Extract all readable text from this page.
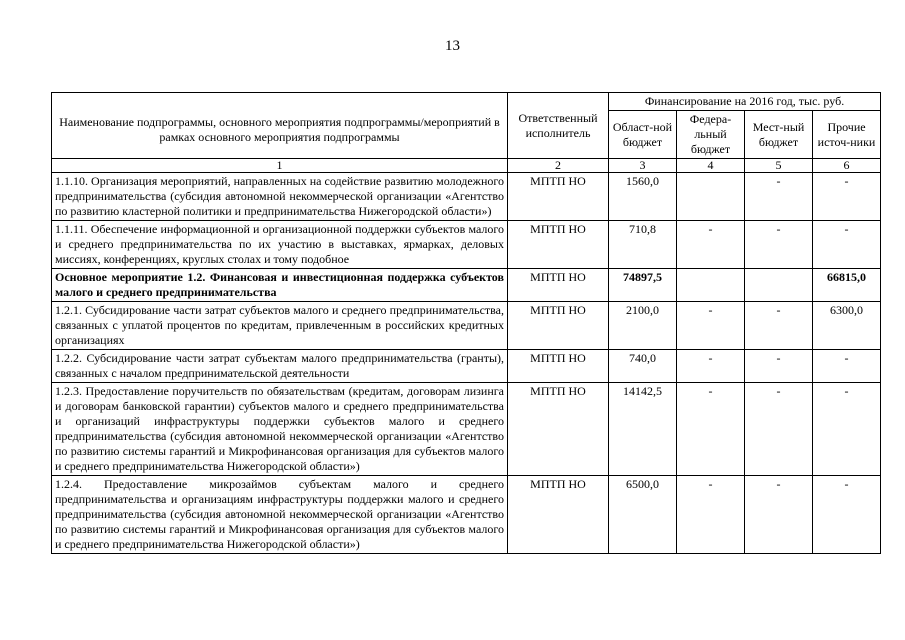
13
Наименование подпрограммы, основного мероприятия подпрограммы/мероприятий в рамках основного мероприятия подпрограммы	Ответственный исполнитель	Финансирование на 2016 год, тыс. руб.			
		Област-ной бюджет	Федера-льный бюджет	Мест-ный бюджет	Прочие источ-ники
1	2	3	4	5	6
1.1.10. Организация мероприятий, направленных на содействие развитию молодежного предпринимательства (субсидия автономной некоммерческой организации «Агентство по развитию кластерной политики и предпринимательства Нижегородской области»)	МПТП НО	1560,0		-	-
1.1.11. Обеспечение информационной и организационной поддержки субъектов малого и среднего предпринимательства по их участию в выставках, ярмарках, деловых миссиях, конференциях, круглых столах и тому подобное	МПТП НО	710,8	-	-	-
Основное мероприятие 1.2. Финансовая и инвестиционная поддержка субъектов малого и среднего предпринимательства	МПТП НО	74897,5			66815,0
1.2.1. Субсидирование части затрат субъектов малого и среднего предпринимательства, связанных с уплатой процентов по кредитам, привлеченным в российских кредитных организациях	МПТП НО	2100,0	-	-	6300,0
1.2.2. Субсидирование части затрат субъектам малого предпринимательства (гранты), связанных с началом предпринимательской деятельности	МПТП НО	740,0	-	-	-
1.2.3. Предоставление поручительств по обязательствам (кредитам, договорам лизинга и договорам банковской гарантии) субъектов малого и среднего предпринимательства и организаций инфраструктуры поддержки субъектов малого и среднего предпринимательства (субсидия автономной некоммерческой организации «Агентство по развитию системы гарантий и Микрофинансовая организация для субъектов малого и среднего предпринимательства Нижегородской области»)	МПТП НО	14142,5	-	-	-
1.2.4. Предоставление микрозаймов субъектам малого и среднего предпринимательства и организациям инфраструктуры поддержки малого и среднего предпринимательства (субсидия автономной некоммерческой организации «Агентство по развитию системы гарантий и Микрофинансовая организация для субъектов малого и среднего предпринимательства Нижегородской области»)	МПТП НО	6500,0	-	-	-
